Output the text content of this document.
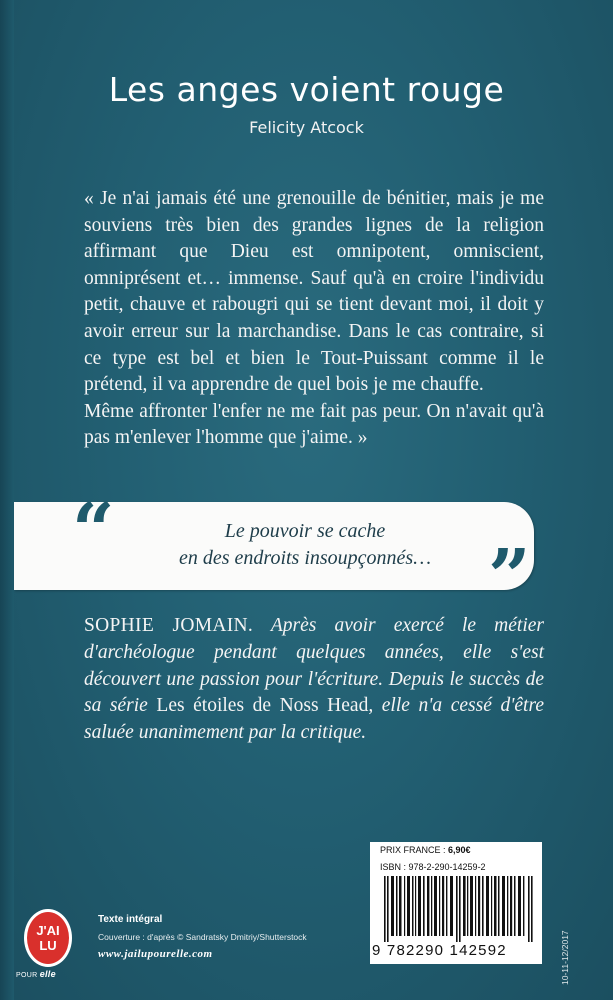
Les anges voient rouge
Felicity Atcock

« Je n'ai jamais été une grenouille de bénitier, mais je me souviens très bien des grandes lignes de la religion affirmant que Dieu est omnipotent, omniscient, omniprésent et… immense. Sauf qu'à en croire l'individu petit, chauve et rabougri qui se tient devant moi, il doit y avoir erreur sur la marchandise. Dans le cas contraire, si ce type est bel et bien le Tout-Puissant comme il le prétend, il va apprendre de quel bois je me chauffe.

Même affronter l'enfer ne me fait pas peur. On n'avait qu'à pas m'enlever l'homme que j'aime. »

“	Le pouvoir se cache
en des endroits insoupçonnés… ”

SOPHIE JOMAIN. Après avoir exercé le métier d'archéologue pendant quelques années, elle s'est découvert une passion pour l'écriture. Depuis le succès de sa série Les étoiles de Noss Head, elle n'a cessé d'être saluée unanimement par la critique.

PRIX FRANCE : 6,90€
ISBN : 978-2-290-14259-2
9 782290 142592
J'AI
LU
POUR elle
Texte intégral
Couverture : d'après © Sandratsky Dmitriy/Shutterstock
www.jailupourelle.com	10-11-12/2017
